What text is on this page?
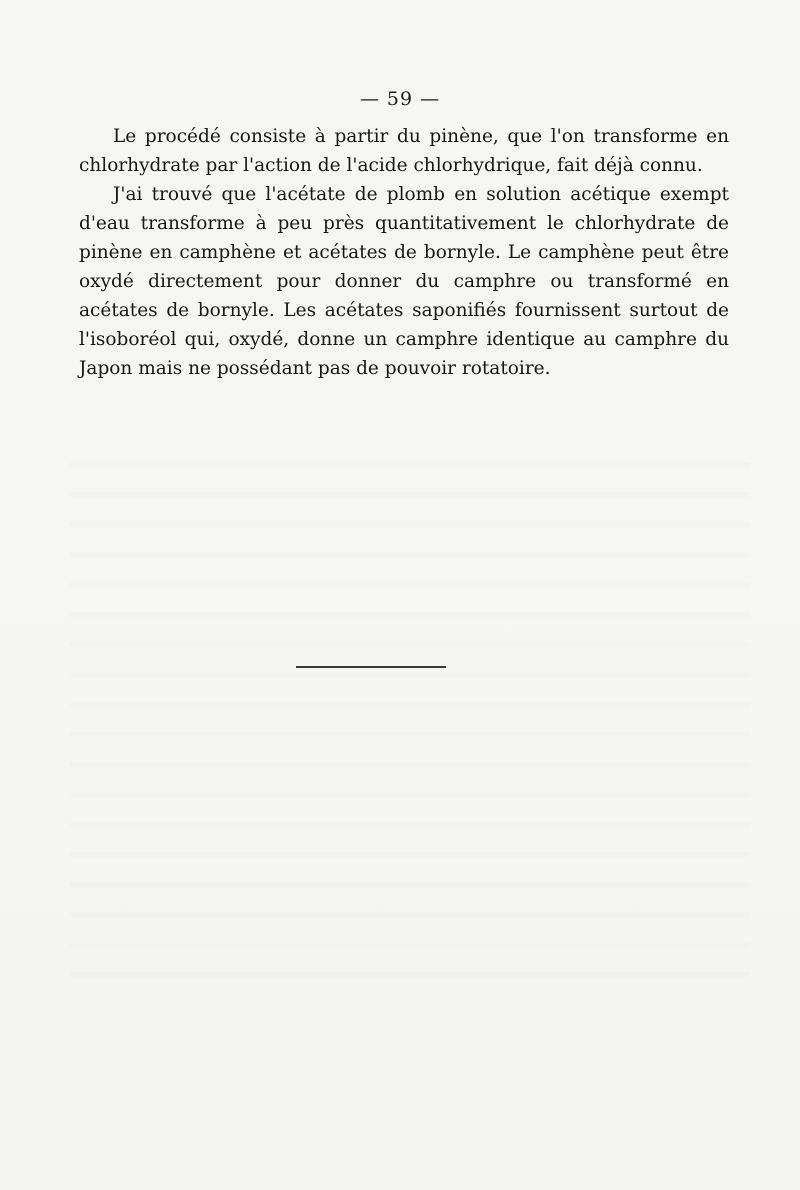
— 59 —

Le procédé consiste à partir du pinène, que l'on transforme en chlorhydrate par l'action de l'acide chlorhydrique, fait déjà connu.

J'ai trouvé que l'acétate de plomb en solution acétique exempt d'eau transforme à peu près quantitativement le chlorhydrate de pinène en camphène et acétates de bornyle. Le camphène peut être oxydé directement pour donner du camphre ou transformé en acétates de bornyle. Les acétates saponifiés fournissent surtout de l'isoboréol qui, oxydé, donne un camphre identique au camphre du Japon mais ne possédant pas de pouvoir rotatoire.
